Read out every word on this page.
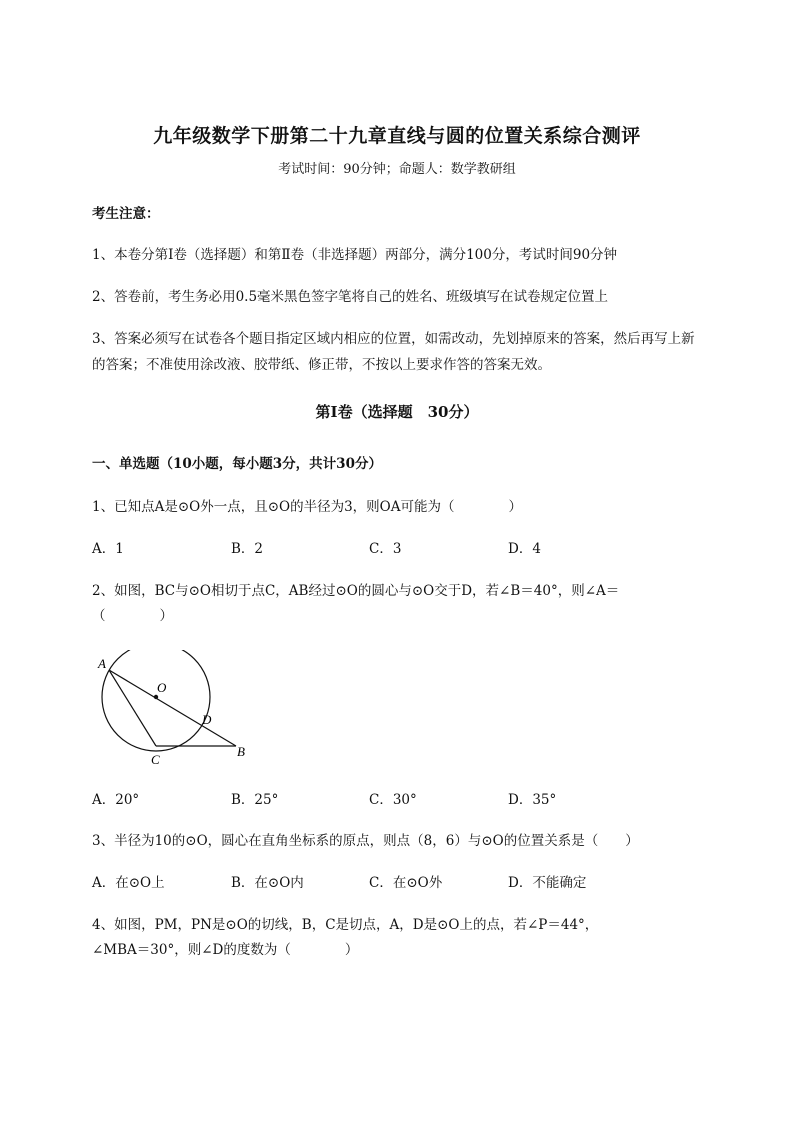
九年级数学下册第二十九章直线与圆的位置关系综合测评
考试时间：90分钟；命题人：数学教研组
考生注意：
1、本卷分第Ⅰ卷（选择题）和第Ⅱ卷（非选择题）两部分，满分100分，考试时间90分钟
2、答卷前，考生务必用0.5毫米黑色签字笔将自己的姓名、班级填写在试卷规定位置上
3、答案必须写在试卷各个题目指定区域内相应的位置，如需改动，先划掉原来的答案，然后再写上新
的答案；不准使用涂改液、胶带纸、修正带，不按以上要求作答的答案无效。
第Ⅰ卷（选择题　30分）
一、单选题（10小题，每小题3分，共计30分）
1、已知点A是⊙O外一点，且⊙O的半径为3，则OA可能为（　　　　）
A．1	B．2	C．3	D．4
2、如图，BC与⊙O相切于点C，AB经过⊙O的圆心与⊙O交于D，若∠B＝40°，则∠A＝
（　　　　）
A
O
D
B
C
A．20°	B．25°	C．30°	D．35°
3、半径为10的⊙O，圆心在直角坐标系的原点，则点（8，6）与⊙O的位置关系是（　　）
A．在⊙O上	B．在⊙O内	C．在⊙O外	D．不能确定
4、如图，PM，PN是⊙O的切线，B，C是切点，A，D是⊙O上的点，若∠P＝44°，
∠MBA＝30°，则∠D的度数为（　　　　）
